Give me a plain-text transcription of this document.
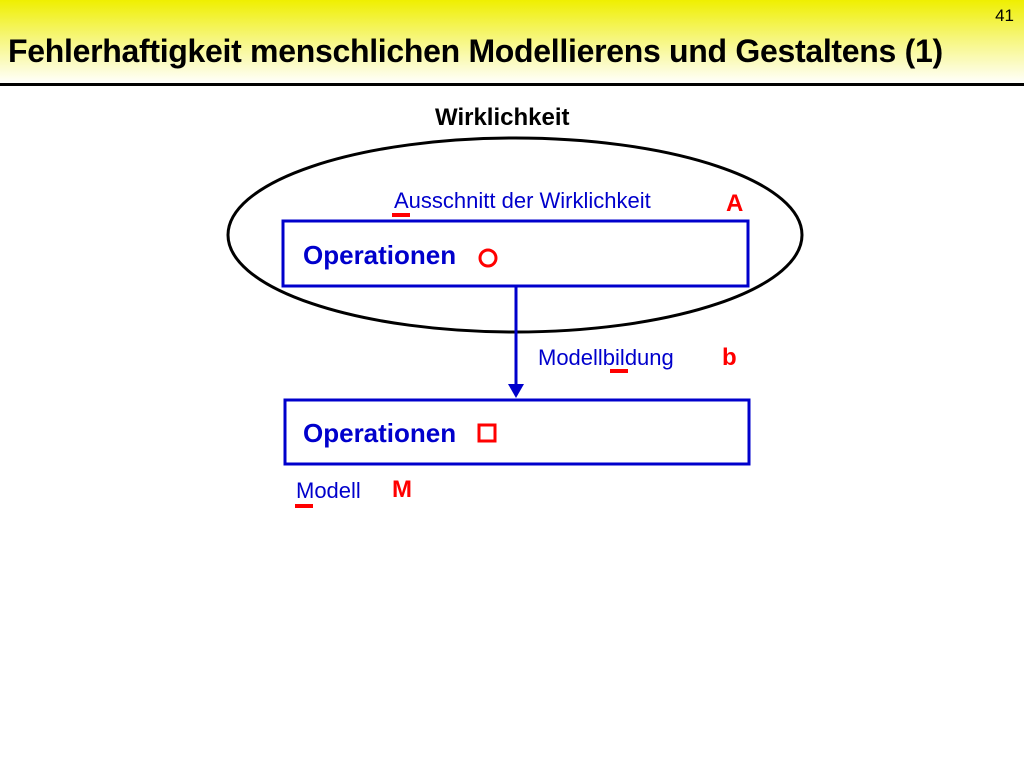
41
Fehlerhaftigkeit menschlichen Modellierens und Gestaltens (1)
Wirklichkeit
Ausschnitt der Wirklichkeit	A
Operationen
Modellbildung b
Operationen
Modell M
